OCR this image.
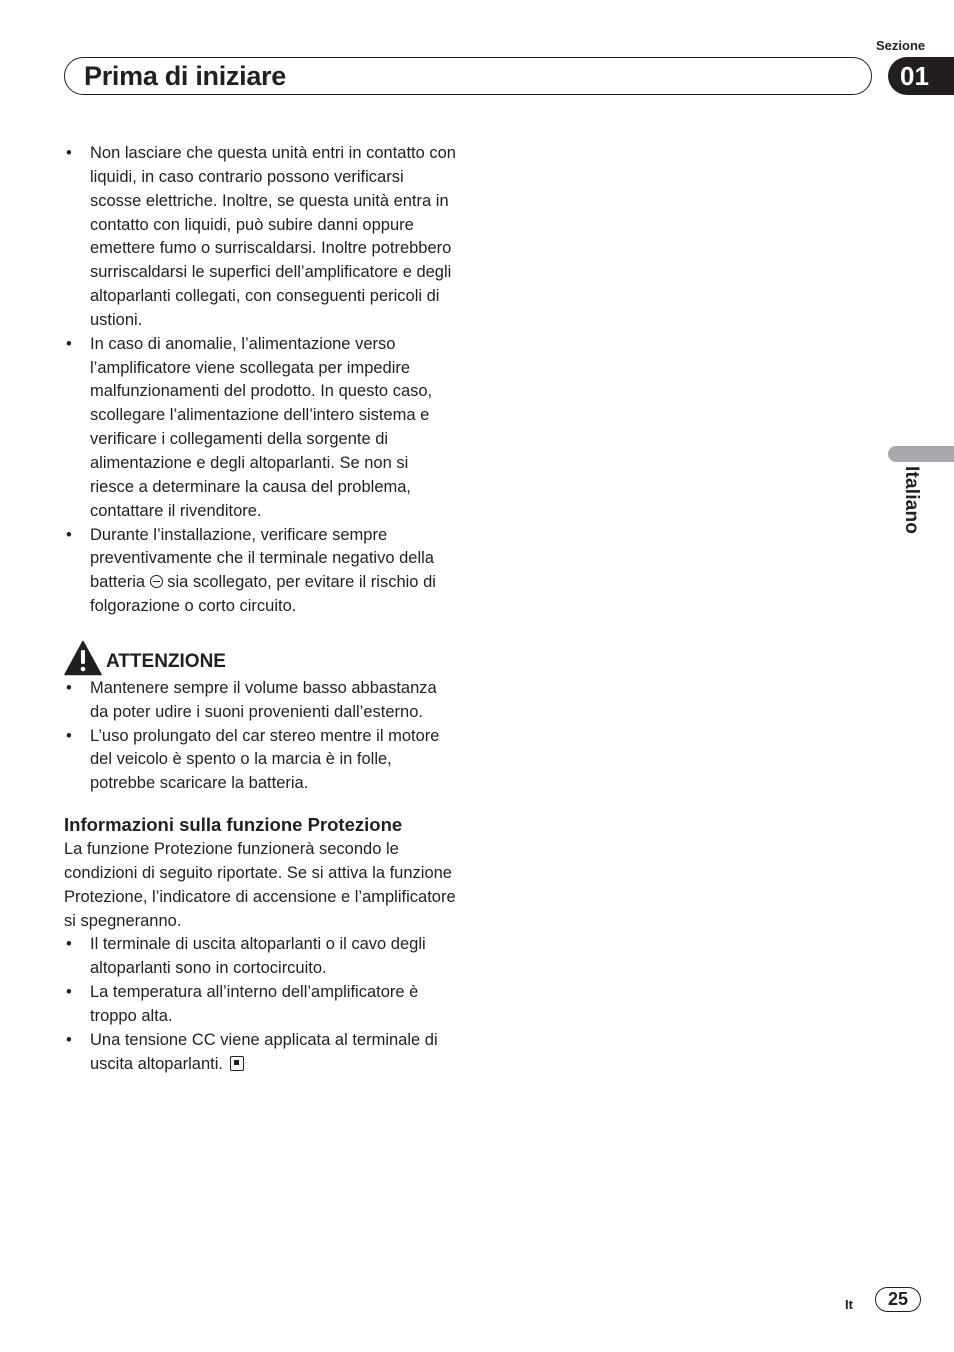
Sezione
Prima di iniziare	01
Italiano
• Non lasciare che questa unità entri in contatto con liquidi, in caso contrario possono verificarsi scosse elettriche. Inoltre, se questa unità entra in contatto con liquidi, può subire danni oppure emettere fumo o surriscaldarsi. Inoltre potrebbero surriscaldarsi le superfici dell’amplificatore e degli altoparlanti collegati, con conseguenti pericoli di ustioni.
• In caso di anomalie, l’alimentazione verso l’amplificatore viene scollegata per impedire malfunzionamenti del prodotto. In questo caso, scollegare l’alimentazione dell’intero sistema e verificare i collegamenti della sorgente di alimentazione e degli altoparlanti. Se non si riesce a determinare la causa del problema, contattare il rivenditore.
• Durante l’installazione, verificare sempre preventivamente che il terminale negativo della batteria  sia scollegato, per evitare il rischio di folgorazione o corto circuito.
ATTENZIONE
• Mantenere sempre il volume basso abbastanza da poter udire i suoni provenienti dall’esterno.
• L’uso prolungato del car stereo mentre il motore del veicolo è spento o la marcia è in folle, potrebbe scaricare la batteria.
Informazioni sulla funzione Protezione

La funzione Protezione funzionerà secondo le condizioni di seguito riportate. Se si attiva la funzione Protezione, l’indicatore di accensione e l’amplificatore si spegneranno.

• Il terminale di uscita altoparlanti o il cavo degli altoparlanti sono in cortocircuito.
• La temperatura all’interno dell’amplificatore è troppo alta.
• Una tensione CC viene applicata al terminale di uscita altoparlanti.
It	25
